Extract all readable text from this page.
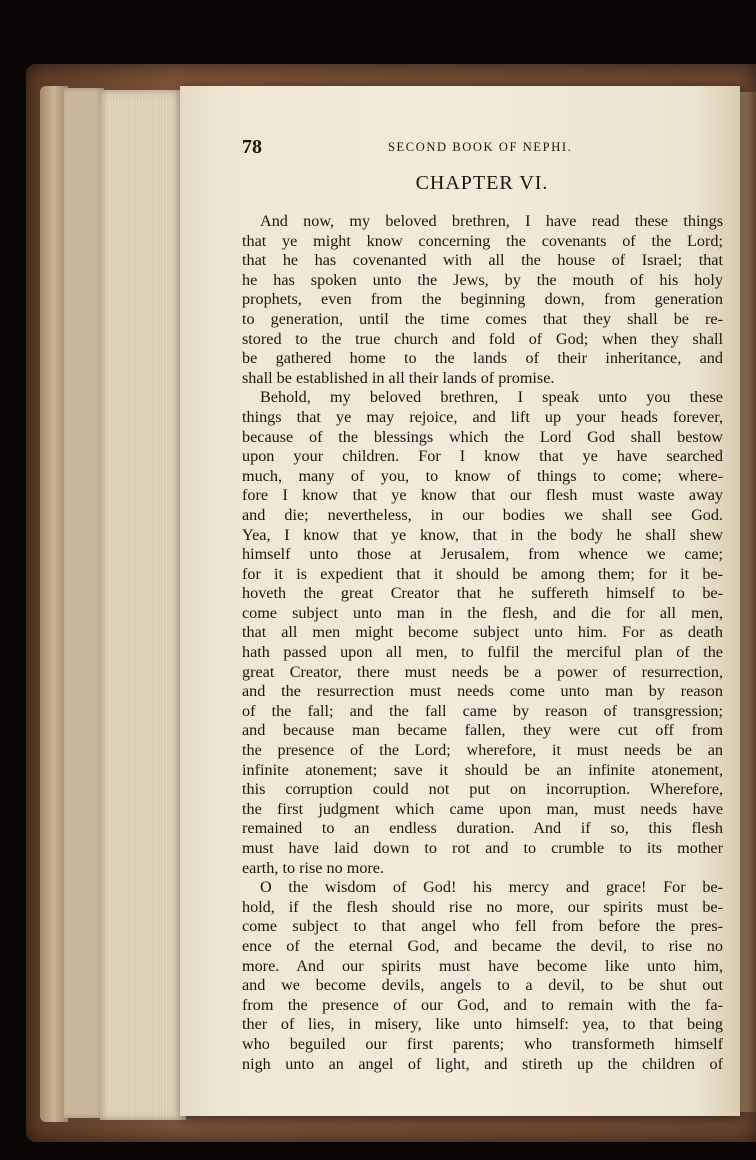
78	SECOND BOOK OF NEPHI.
CHAPTER VI.
And now, my beloved brethren, I have read these things
that ye might know concerning the covenants of the Lord;
that he has covenanted with all the house of Israel; that
he has spoken unto the Jews, by the mouth of his holy
prophets, even from the beginning down, from generation
to generation, until the time comes that they shall be re-
stored to the true church and fold of God; when they shall
be gathered home to the lands of their inheritance, and
shall be established in all their lands of promise.
Behold, my beloved brethren, I speak unto you these
things that ye may rejoice, and lift up your heads forever,
because of the blessings which the Lord God shall bestow
upon your children. For I know that ye have searched
much, many of you, to know of things to come; where-
fore I know that ye know that our flesh must waste away
and die; nevertheless, in our bodies we shall see God.
Yea, I know that ye know, that in the body he shall shew
himself unto those at Jerusalem, from whence we came;
for it is expedient that it should be among them; for it be-
hoveth the great Creator that he suffereth himself to be-
come subject unto man in the flesh, and die for all men,
that all men might become subject unto him. For as death
hath passed upon all men, to fulfil the merciful plan of the
great Creator, there must needs be a power of resurrection,
and the resurrection must needs come unto man by reason
of the fall; and the fall came by reason of transgression;
and because man became fallen, they were cut off from
the presence of the Lord; wherefore, it must needs be an
infinite atonement; save it should be an infinite atonement,
this corruption could not put on incorruption. Wherefore,
the first judgment which came upon man, must needs have
remained to an endless duration. And if so, this flesh
must have laid down to rot and to crumble to its mother
earth, to rise no more.
O the wisdom of God! his mercy and grace! For be-
hold, if the flesh should rise no more, our spirits must be-
come subject to that angel who fell from before the pres-
ence of the eternal God, and became the devil, to rise no
more. And our spirits must have become like unto him,
and we become devils, angels to a devil, to be shut out
from the presence of our God, and to remain with the fa-
ther of lies, in misery, like unto himself: yea, to that being
who beguiled our first parents; who transformeth himself
nigh unto an angel of light, and stireth up the children of
